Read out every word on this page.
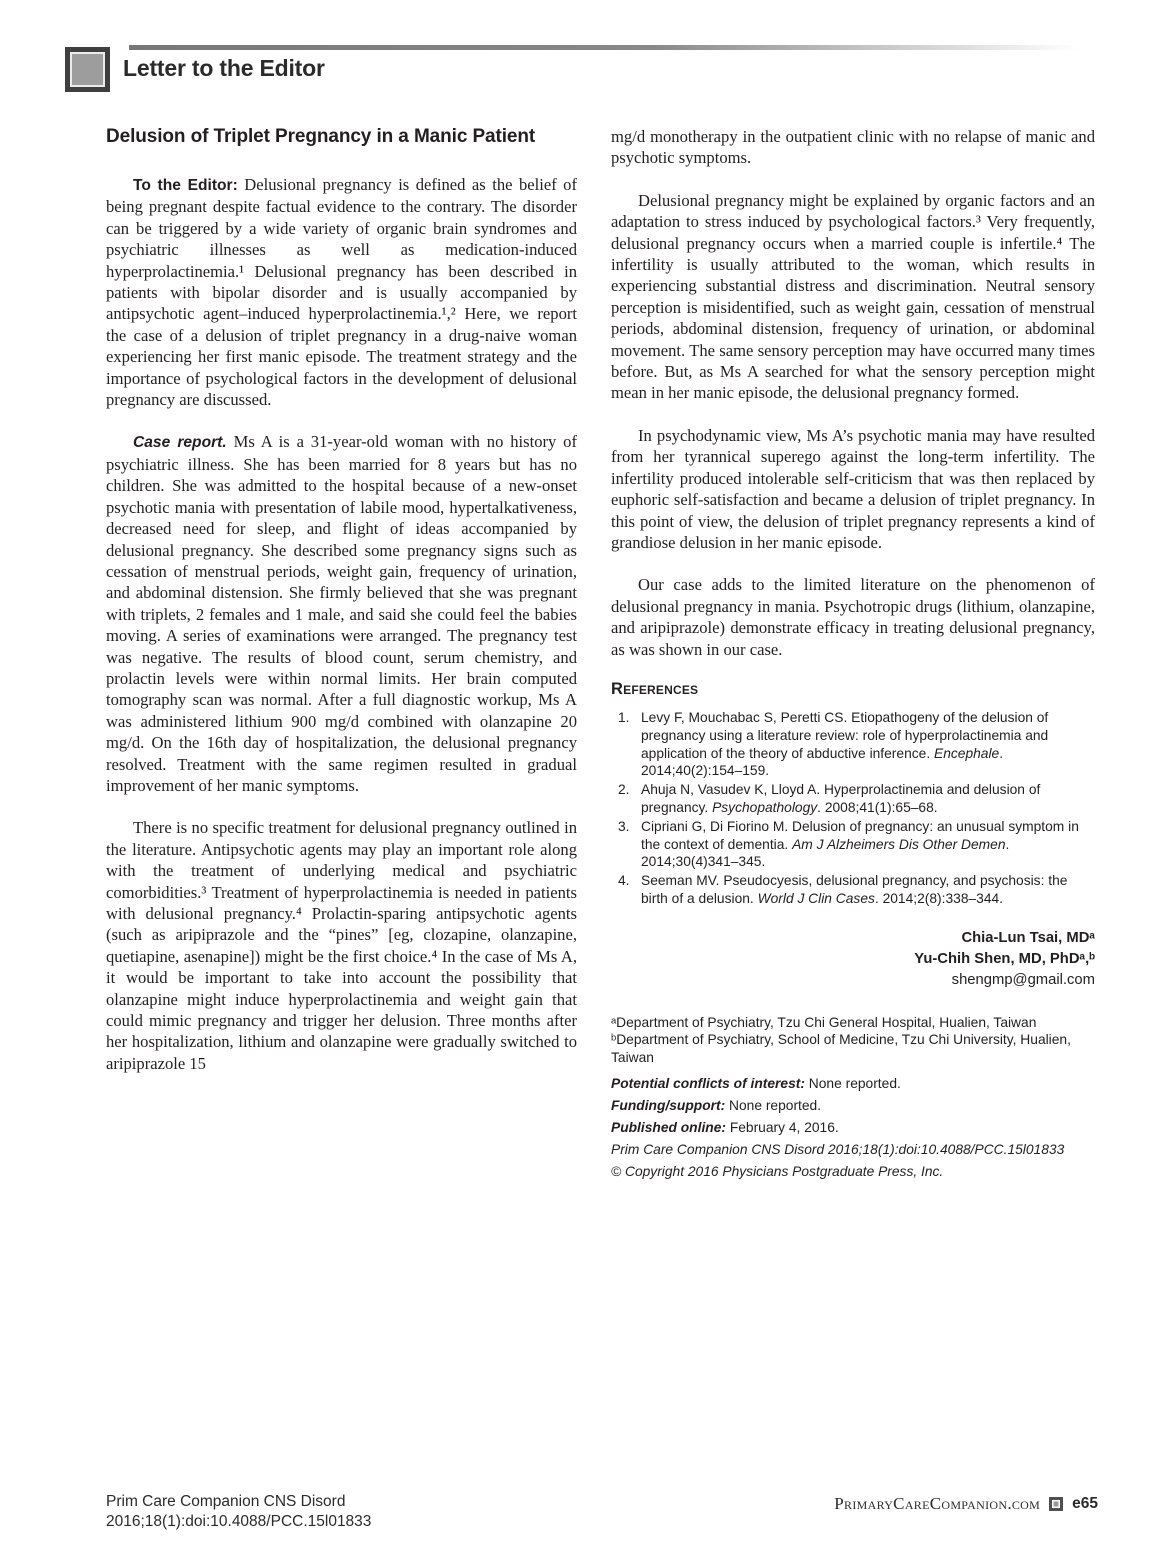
Letter to the Editor
Delusion of Triplet Pregnancy in a Manic Patient

To the Editor: Delusional pregnancy is defined as the belief of being pregnant despite factual evidence to the contrary. The disorder can be triggered by a wide variety of organic brain syndromes and psychiatric illnesses as well as medication-induced hyperprolactinemia.¹ Delusional pregnancy has been described in patients with bipolar disorder and is usually accompanied by antipsychotic agent–induced hyperprolactinemia.¹,² Here, we report the case of a delusion of triplet pregnancy in a drug-naive woman experiencing her first manic episode. The treatment strategy and the importance of psychological factors in the development of delusional pregnancy are discussed.

Case report. Ms A is a 31-year-old woman with no history of psychiatric illness. She has been married for 8 years but has no children. She was admitted to the hospital because of a new-onset psychotic mania with presentation of labile mood, hypertalkativeness, decreased need for sleep, and flight of ideas accompanied by delusional pregnancy. She described some pregnancy signs such as cessation of menstrual periods, weight gain, frequency of urination, and abdominal distension. She firmly believed that she was pregnant with triplets, 2 females and 1 male, and said she could feel the babies moving. A series of examinations were arranged. The pregnancy test was negative. The results of blood count, serum chemistry, and prolactin levels were within normal limits. Her brain computed tomography scan was normal. After a full diagnostic workup, Ms A was administered lithium 900 mg/d combined with olanzapine 20 mg/d. On the 16th day of hospitalization, the delusional pregnancy resolved. Treatment with the same regimen resulted in gradual improvement of her manic symptoms.

There is no specific treatment for delusional pregnancy outlined in the literature. Antipsychotic agents may play an important role along with the treatment of underlying medical and psychiatric comorbidities.³ Treatment of hyperprolactinemia is needed in patients with delusional pregnancy.⁴ Prolactin-sparing antipsychotic agents (such as aripiprazole and the “pines” [eg, clozapine, olanzapine, quetiapine, asenapine]) might be the first choice.⁴ In the case of Ms A, it would be important to take into account the possibility that olanzapine might induce hyperprolactinemia and weight gain that could mimic pregnancy and trigger her delusion. Three months after her hospitalization, lithium and olanzapine were gradually switched to aripiprazole 15

mg/d monotherapy in the outpatient clinic with no relapse of manic and psychotic symptoms.

Delusional pregnancy might be explained by organic factors and an adaptation to stress induced by psychological factors.³ Very frequently, delusional pregnancy occurs when a married couple is infertile.⁴ The infertility is usually attributed to the woman, which results in experiencing substantial distress and discrimination. Neutral sensory perception is misidentified, such as weight gain, cessation of menstrual periods, abdominal distension, frequency of urination, or abdominal movement. The same sensory perception may have occurred many times before. But, as Ms A searched for what the sensory perception might mean in her manic episode, the delusional pregnancy formed.

In psychodynamic view, Ms A’s psychotic mania may have resulted from her tyrannical superego against the long-term infertility. The infertility produced intolerable self-criticism that was then replaced by euphoric self-satisfaction and became a delusion of triplet pregnancy. In this point of view, the delusion of triplet pregnancy represents a kind of grandiose delusion in her manic episode.

Our case adds to the limited literature on the phenomenon of delusional pregnancy in mania. Psychotropic drugs (lithium, olanzapine, and aripiprazole) demonstrate efficacy in treating delusional pregnancy, as was shown in our case.

References
1. Levy F, Mouchabac S, Peretti CS. Etiopathogeny of the delusion of pregnancy using a literature review: role of hyperprolactinemia and application of the theory of abductive inference. Encephale. 2014;40(2):154–159.
2. Ahuja N, Vasudev K, Lloyd A. Hyperprolactinemia and delusion of pregnancy. Psychopathology. 2008;41(1):65–68.
3. Cipriani G, Di Fiorino M. Delusion of pregnancy: an unusual symptom in the context of dementia. Am J Alzheimers Dis Other Demen. 2014;30(4)341–345.
4. Seeman MV. Pseudocyesis, delusional pregnancy, and psychosis: the birth of a delusion. World J Clin Cases. 2014;2(8):338–344.
Chia-Lun Tsai, MDᵃ
Yu-Chih Shen, MD, PhDᵃ,ᵇ
shengmp@gmail.com
ᵃDepartment of Psychiatry, Tzu Chi General Hospital, Hualien, Taiwan
ᵇDepartment of Psychiatry, School of Medicine, Tzu Chi University, Hualien, Taiwan
Potential conflicts of interest: None reported.
Funding/support: None reported.
Published online: February 4, 2016.
Prim Care Companion CNS Disord 2016;18(1):doi:10.4088/PCC.15l01833
© Copyright 2016 Physicians Postgraduate Press, Inc.
Prim Care Companion CNS Disord
2016;18(1):doi:10.4088/PCC.15l01833
PrimaryCareCompanion.com e65
